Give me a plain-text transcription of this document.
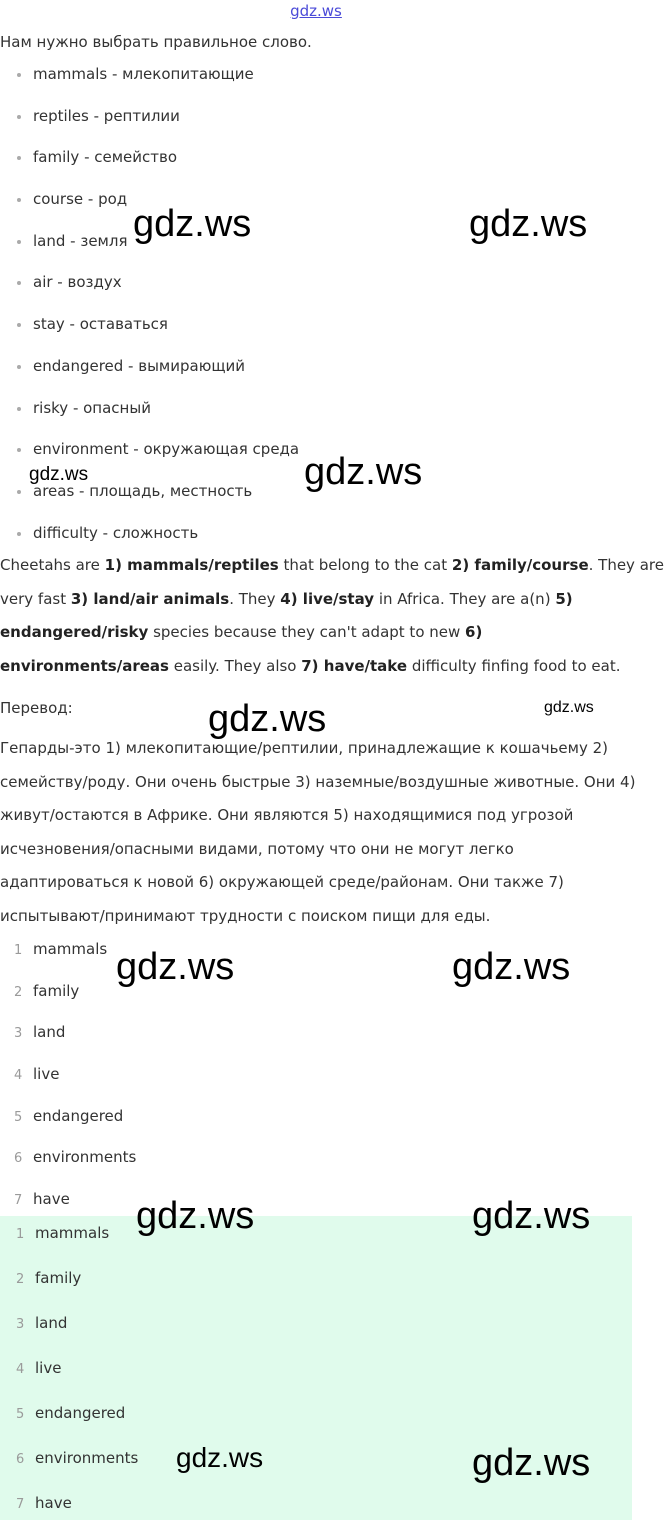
gdz.ws
Нам нужно выбрать правильное слово.
mammals - млекопитающие
reptiles - рептилии
family - семейство
course - род
land - земля
air - воздух
stay - оставаться
endangered - вымирающий
risky - опасный
environment - окружающая среда
areas - площадь, местность
difficulty - сложность
Cheetahs are 1) mammals/reptiles that belong to the cat 2) family/course. They are
very fast 3) land/air animals. They 4) live/stay in Africa. They are a(n) 5)
endangered/risky species because they can't adapt to new 6)
environments/areas easily. They also 7) have/take difficulty finfing food to eat.
Перевод:
Гепарды-это 1) млекопитающие/рептилии, принадлежащие к кошачьему 2)
семейству/роду. Они очень быстрые 3) наземные/воздушные животные. Они 4)
живут/остаются в Африке. Они являются 5) находящимися под угрозой
исчезновения/опасными видами, потому что они не могут легко
адаптироваться к новой 6) окружающей среде/районам. Они также 7)
испытывают/принимают трудности с поиском пищи для еды.
1 mammals
2 family
3 land
4 live
5 endangered
6 environments
7 have
1 mammals
2 family
3 land
4 live
5 endangered
6 environments
7 have
gdz.ws	gdz.ws
gdz.ws	gdz.ws
gdz.ws	gdz.ws
gdz.ws	gdz.ws
gdz.ws	gdz.ws
gdz.ws	gdz.ws
